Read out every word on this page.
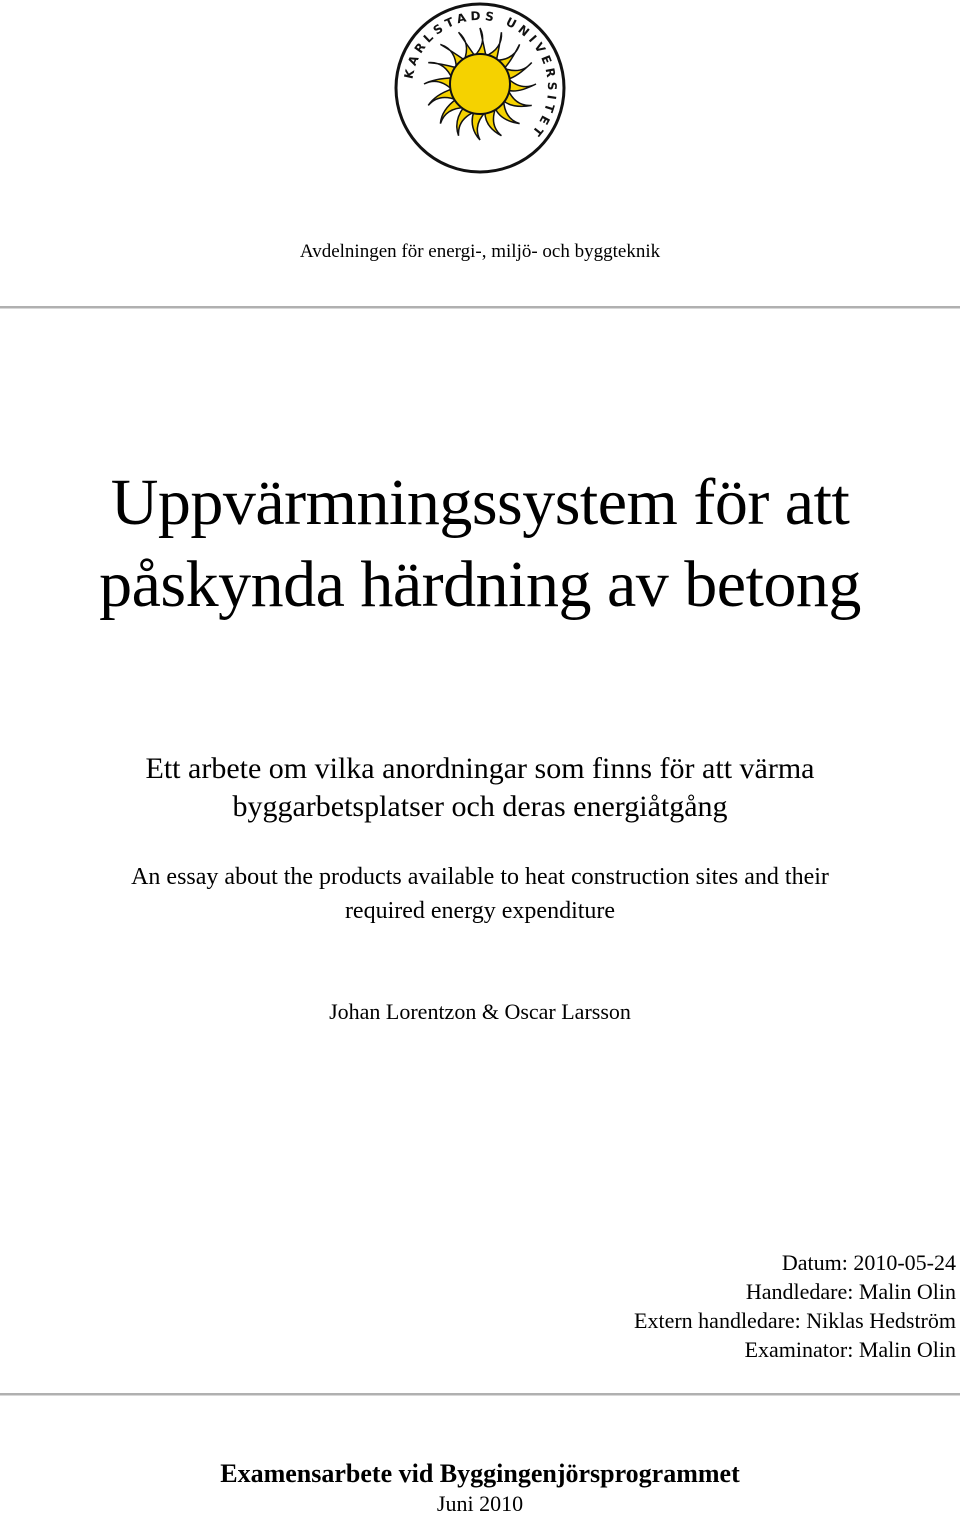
KARLSTADS UNIVERSITET
Avdelningen för energi-, miljö- och byggteknik
Uppvärmningssystem för att
påskynda härdning av betong
Ett arbete om vilka anordningar som finns för att värma
byggarbetsplatser och deras energiåtgång
An essay about the products available to heat construction sites and their
required energy expenditure
Johan Lorentzon & Oscar Larsson
Datum: 2010-05-24
Handledare: Malin Olin
Extern handledare: Niklas Hedström
Examinator: Malin Olin
Examensarbete vid Byggingenjörsprogrammet
Juni 2010
